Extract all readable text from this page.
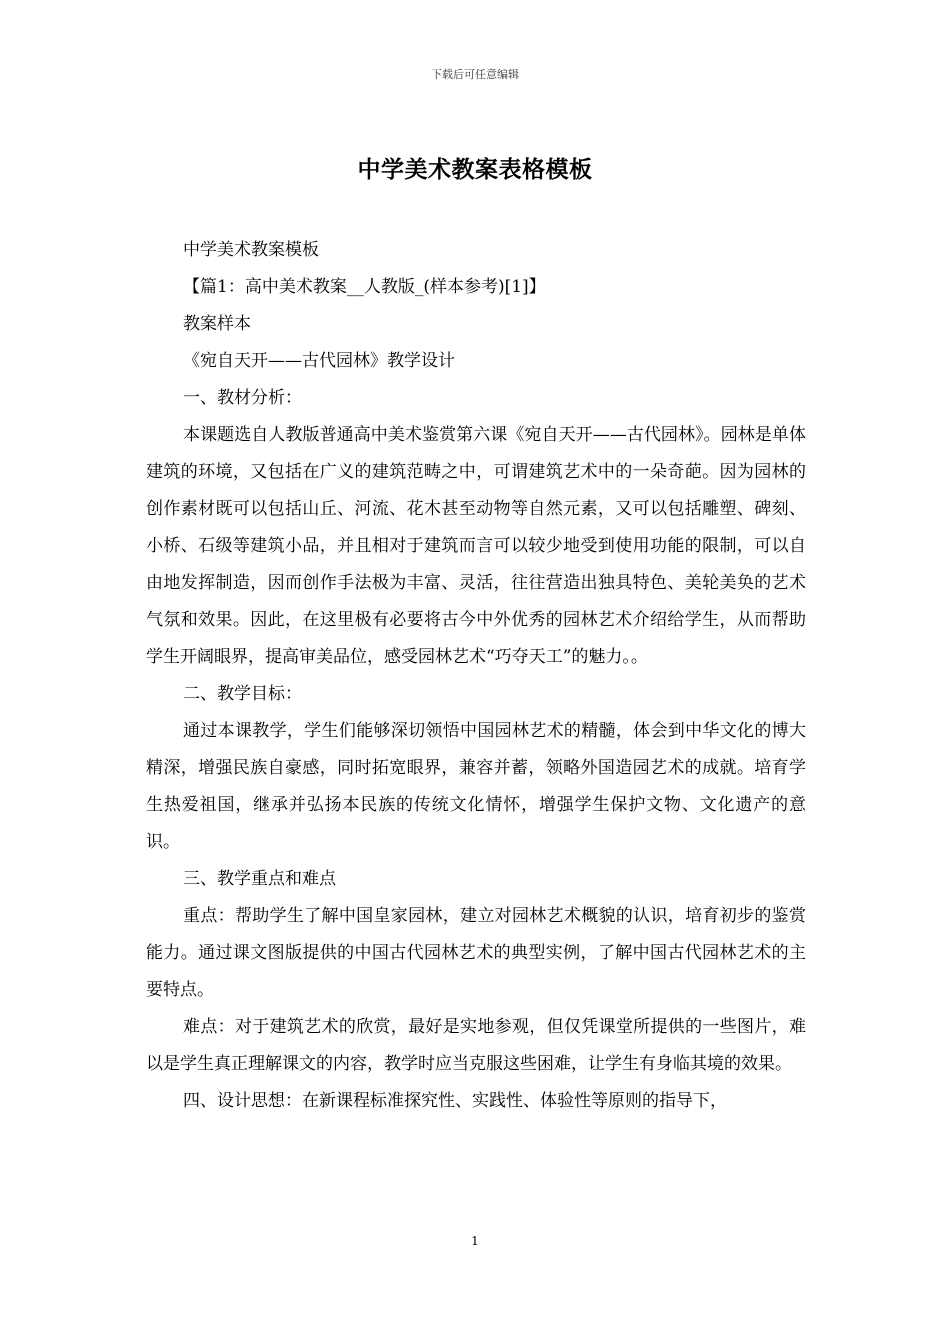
下载后可任意编辑
中学美术教案表格模板

中学美术教案模板

【篇1：高中美术教案__人教版_(样本参考)[1]】

教案样本

《宛自天开——古代园林》教学设计

一、教材分析：

本课题选自人教版普通高中美术鉴赏第六课《宛自天开——古代园林》。园林是单体建筑的环境，又包括在广义的建筑范畴之中，可谓建筑艺术中的一朵奇葩。因为园林的创作素材既可以包括山丘、河流、花木甚至动物等自然元素，又可以包括雕塑、碑刻、小桥、石级等建筑小品，并且相对于建筑而言可以较少地受到使用功能的限制，可以自由地发挥制造，因而创作手法极为丰富、灵活，往往营造出独具特色、美轮美奂的艺术气氛和效果。因此，在这里极有必要将古今中外优秀的园林艺术介绍给学生，从而帮助学生开阔眼界，提高审美品位，感受园林艺术“巧夺天工”的魅力。。

二、教学目标：

通过本课教学，学生们能够深切领悟中国园林艺术的精髓，体会到中华文化的博大精深，增强民族自豪感，同时拓宽眼界，兼容并蓄，领略外国造园艺术的成就。培育学生热爱祖国，继承并弘扬本民族的传统文化情怀，增强学生保护文物、文化遗产的意识。

三、教学重点和难点

重点：帮助学生了解中国皇家园林，建立对园林艺术概貌的认识，培育初步的鉴赏能力。通过课文图版提供的中国古代园林艺术的典型实例，了解中国古代园林艺术的主要特点。

难点：对于建筑艺术的欣赏，最好是实地参观，但仅凭课堂所提供的一些图片，难以是学生真正理解课文的内容，教学时应当克服这些困难，让学生有身临其境的效果。

四、设计思想：在新课程标准探究性、实践性、体验性等原则的指导下，

1
